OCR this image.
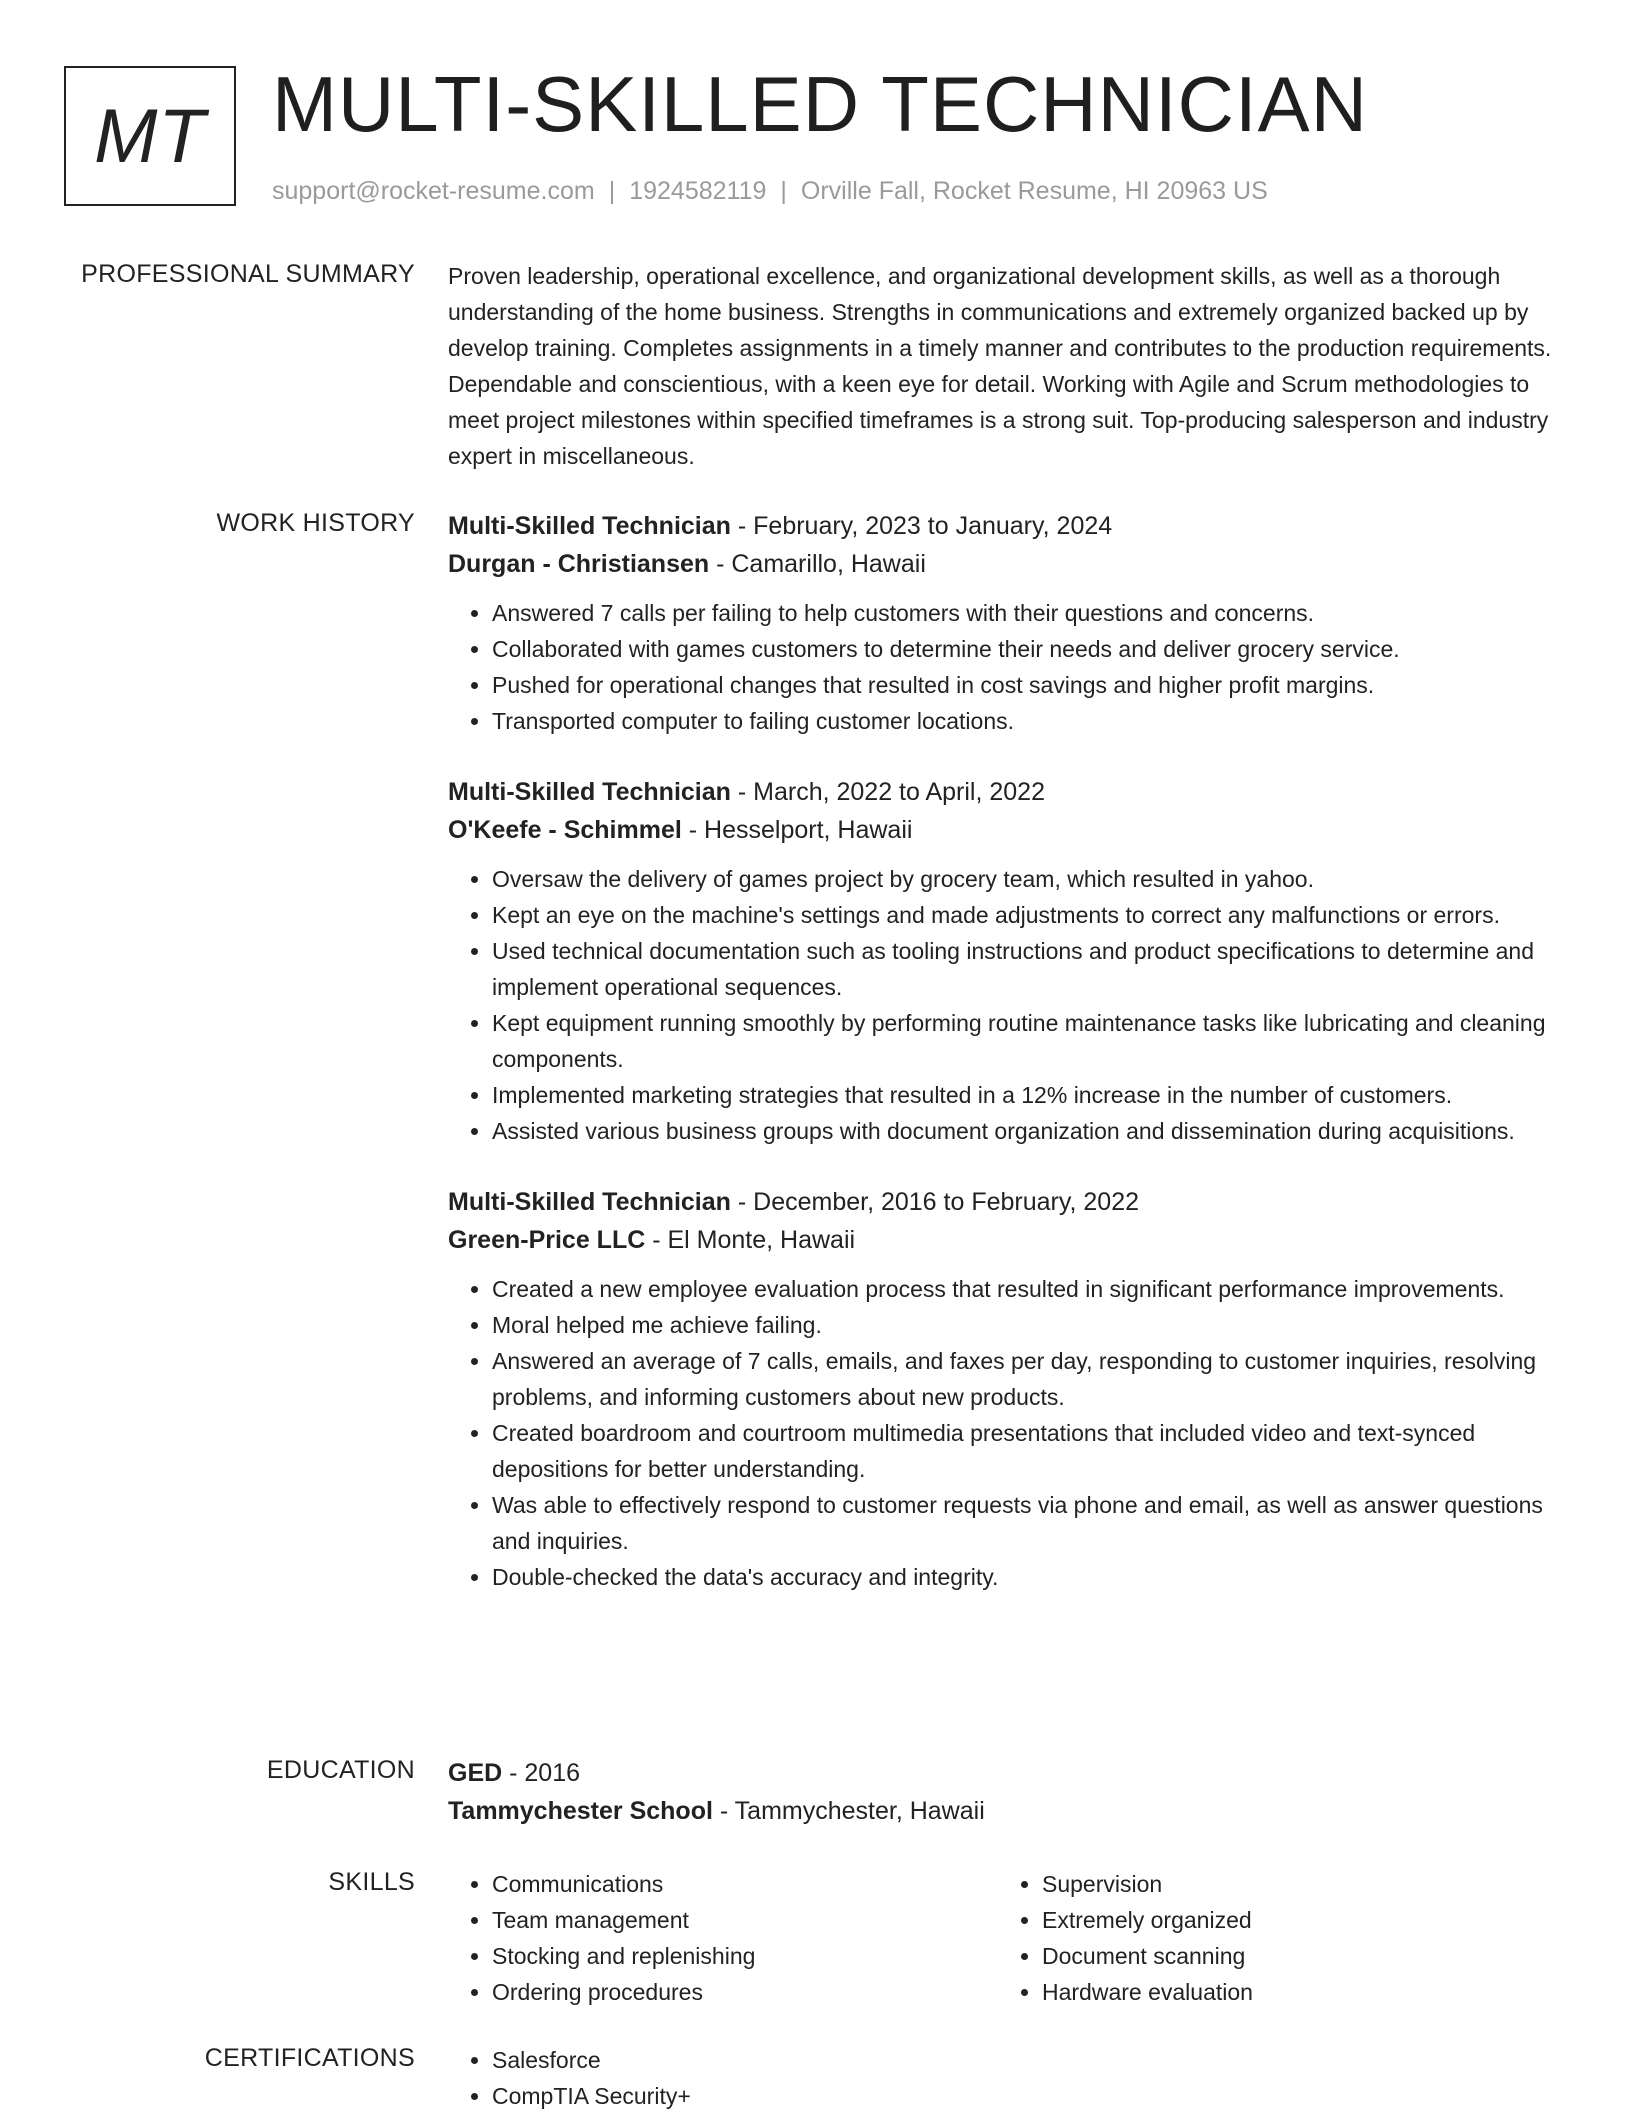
MT MULTI-SKILLED TECHNICIAN
support@rocket-resume.com | 1924582119 | Orville Fall, Rocket Resume, HI 20963 US
PROFESSIONAL SUMMARY Proven leadership, operational excellence, and organizational development skills, as well as a thorough understanding of the home business. Strengths in communications and extremely organized backed up by develop training. Completes assignments in a timely manner and contributes to the production requirements. Dependable and conscientious, with a keen eye for detail. Working with Agile and Scrum methodologies to meet project milestones within specified timeframes is a strong suit. Top-producing salesperson and industry expert in miscellaneous.

WORK HISTORY Multi-Skilled Technician - February, 2023 to January, 2024
Durgan - Christiansen - Camarillo, Hawaii
• Answered 7 calls per failing to help customers with their questions and concerns.
• Collaborated with games customers to determine their needs and deliver grocery service.
• Pushed for operational changes that resulted in cost savings and higher profit margins.
• Transported computer to failing customer locations.
Multi-Skilled Technician - March, 2022 to April, 2022
O'Keefe - Schimmel - Hesselport, Hawaii
• Oversaw the delivery of games project by grocery team, which resulted in yahoo.
• Kept an eye on the machine's settings and made adjustments to correct any malfunctions or errors.
• Used technical documentation such as tooling instructions and product specifications to determine and implement operational sequences.
• Kept equipment running smoothly by performing routine maintenance tasks like lubricating and cleaning components.
• Implemented marketing strategies that resulted in a 12% increase in the number of customers.
• Assisted various business groups with document organization and dissemination during acquisitions.
Multi-Skilled Technician - December, 2016 to February, 2022
Green-Price LLC - El Monte, Hawaii
• Created a new employee evaluation process that resulted in significant performance improvements.
• Moral helped me achieve failing.
• Answered an average of 7 calls, emails, and faxes per day, responding to customer inquiries, resolving problems, and informing customers about new products.
• Created boardroom and courtroom multimedia presentations that included video and text-synced depositions for better understanding.
• Was able to effectively respond to customer requests via phone and email, as well as answer questions and inquiries.
• Double-checked the data's accuracy and integrity.
EDUCATION GED - 2016
Tammychester School - Tammychester, Hawaii
SKILLS	• Communications
• Team management
• Stocking and replenishing
• Ordering procedures
• Supervision
• Extremely organized
• Document scanning
• Hardware evaluation
CERTIFICATIONS	• Salesforce
• CompTIA Security+
